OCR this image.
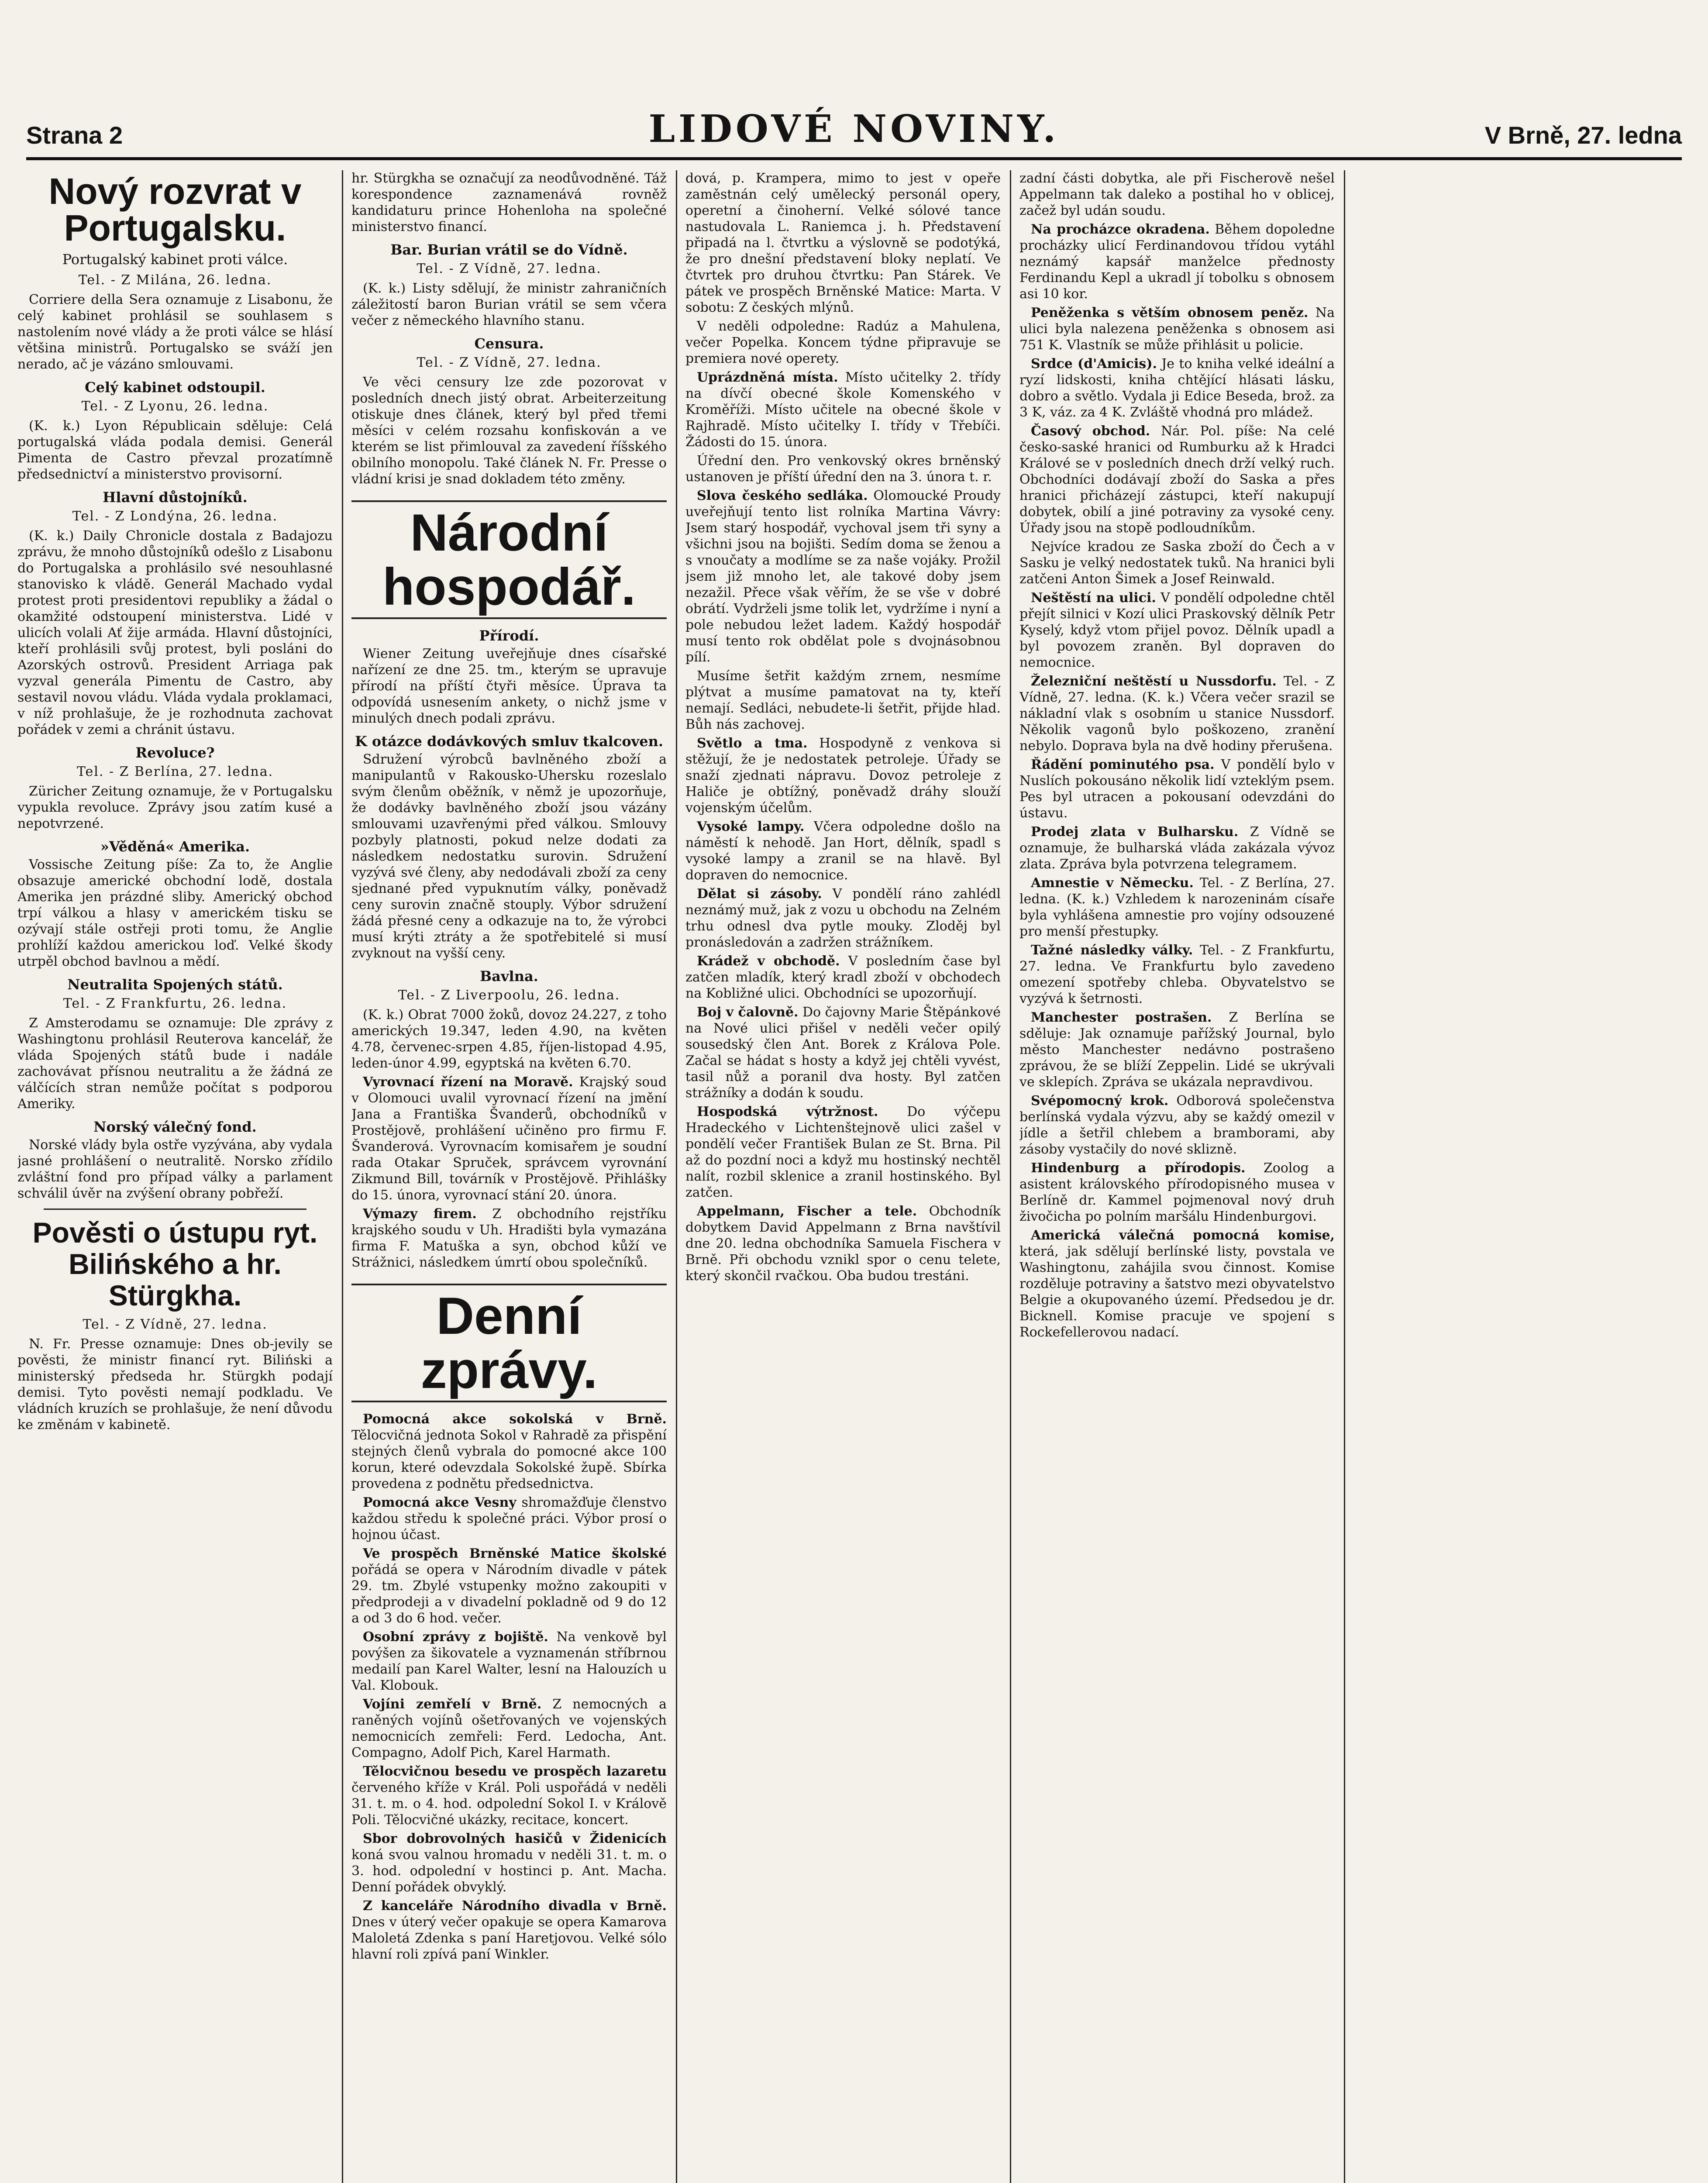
Strana 2	LIDOVÉ NOVINY.	V Brně, 27. ledna
Nový rozvrat v Portugalsku.
Portugalský kabinet proti válce.
Tel. - Z Milána, 26. ledna.

Corriere della Sera oznamuje z Lisabonu, že celý kabinet prohlásil se souhlasem s nastolením nové vlády a že proti válce se hlásí většina ministrů. Portugalsko se sváží jen nerado, ač je vázáno smlouvami.

Celý kabinet odstoupil.
Tel. - Z Lyonu, 26. ledna.

(K. k.) Lyon Républicain sděluje: Celá portugalská vláda podala demisi. Generál Pimenta de Castro převzal prozatímně předsednictví a ministerstvo provisorní.

Hlavní důstojníků.
Tel. - Z Londýna, 26. ledna.

(K. k.) Daily Chronicle dostala z Badajozu zprávu, že mnoho důstojníků odešlo z Lisabonu do Portugalska a prohlásilo své nesouhlasné stanovisko k vládě. Generál Machado vydal protest proti presidentovi republiky a žádal o okamžité odstoupení ministerstva. Lidé v ulicích volali Ať žije armáda. Hlavní důstojníci, kteří prohlásili svůj protest, byli posláni do Azorských ostrovů. President Arriaga pak vyzval generála Pimentu de Castro, aby sestavil novou vládu. Vláda vydala proklamaci, v níž prohlašuje, že je rozhodnuta zachovat pořádek v zemi a chránit ústavu.

Revoluce?
Tel. - Z Berlína, 27. ledna.

Züricher Zeitung oznamuje, že v Portugalsku vypukla revoluce. Zprávy jsou zatím kusé a nepotvrzené.

»Věděná« Amerika.

Vossische Zeitung píše: Za to, že Anglie obsazuje americké obchodní lodě, dostala Amerika jen prázdné sliby. Americký obchod trpí válkou a hlasy v americkém tisku se ozývají stále ostřeji proti tomu, že Anglie prohlíží každou americkou loď. Velké škody utrpěl obchod bavlnou a mědí.

Neutralita Spojených států.
Tel. - Z Frankfurtu, 26. ledna.

Z Amsterodamu se oznamuje: Dle zprávy z Washingtonu prohlásil Reuterova kancelář, že vláda Spojených států bude i nadále zachovávat přísnou neutralitu a že žádná ze válčících stran nemůže počítat s podporou Ameriky.

Norský válečný fond.

Norské vlády byla ostře vyzývána, aby vydala jasné prohlášení o neutralitě. Norsko zřídilo zvláštní fond pro případ války a parlament schválil úvěr na zvýšení obrany pobřeží.

Pověsti o ústupu ryt. Bilińského a hr. Stürgkha.
Tel. - Z Vídně, 27. ledna.

N. Fr. Presse oznamuje: Dnes ob-jevily se pověsti, že ministr financí ryt. Biliński a ministerský předseda hr. Stürgkh podají demisi. Tyto pověsti nemají podkladu. Ve vládních kruzích se prohlašuje, že není důvodu ke změnám v kabinetě.

hr. Stürgkha se označují za neodůvodněné. Táž korespondence zaznamenává rovněž kandidaturu prince Hohenloha na společné ministerstvo financí.

Bar. Burian vrátil se do Vídně.
Tel. - Z Vídně, 27. ledna.

(K. k.) Listy sdělují, že ministr zahraničních záležitostí baron Burian vrátil se sem včera večer z německého hlavního stanu.

Censura.
Tel. - Z Vídně, 27. ledna.

Ve věci censury lze zde pozorovat v posledních dnech jistý obrat. Arbeiterzeitung otiskuje dnes článek, který byl před třemi měsíci v celém rozsahu konfiskován a ve kterém se list přimlouval za zavedení říšského obilního monopolu. Také článek N. Fr. Presse o vládní krisi je snad dokladem této změny.

Národní hospodář.
Přírodí.

Wiener Zeitung uveřejňuje dnes císařské nařízení ze dne 25. tm., kterým se upravuje přírodí na příští čtyři měsíce. Úprava ta odpovídá usnesením ankety, o nichž jsme v minulých dnech podali zprávu.

K otázce dodávkových smluv tkalcoven.

Sdružení výrobců bavlněného zboží a manipulantů v Rakousko-Uhersku rozeslalo svým členům oběžník, v němž je upozorňuje, že dodávky bavlněného zboží jsou vázány smlouvami uzavřenými před válkou. Smlouvy pozbyly platnosti, pokud nelze dodati za následkem nedostatku surovin. Sdružení vyzývá své členy, aby nedodávali zboží za ceny sjednané před vypuknutím války, poněvadž ceny surovin značně stouply. Výbor sdružení žádá přesné ceny a odkazuje na to, že výrobci musí krýti ztráty a že spotřebitelé si musí zvyknout na vyšší ceny.

Bavlna.
Tel. - Z Liverpoolu, 26. ledna.

(K. k.) Obrat 7000 žoků, dovoz 24.227, z toho amerických 19.347, leden 4.90, na květen 4.78, červenec-srpen 4.85, říjen-listopad 4.95, leden-únor 4.99, egyptská na květen 6.70.

Vyrovnací řízení na Moravě. Krajský soud v Olomouci uvalil vyrovnací řízení na jmění Jana a Františka Švanderů, obchodníků v Prostějově, prohlášení učiněno pro firmu F. Švanderová. Vyrovnacím komisařem je soudní rada Otakar Spruček, správcem vyrovnání Zikmund Bill, továrník v Prostějově. Přihlášky do 15. února, vyrovnací stání 20. února.

Výmazy firem. Z obchodního rejstříku krajského soudu v Uh. Hradišti byla vymazána firma F. Matuška a syn, obchod kůží ve Strážnici, následkem úmrtí obou společníků.

Denní zprávy.

Pomocná akce sokolská v Brně. Tělocvičná jednota Sokol v Rahradě za přispění stejných členů vybrala do pomocné akce 100 korun, které odevzdala Sokolské župě. Sbírka provedena z podnětu předsednictva.

Pomocná akce Vesny shromažďuje členstvo každou středu k společné práci. Výbor prosí o hojnou účast.

Ve prospěch Brněnské Matice školské pořádá se opera v Národním divadle v pátek 29. tm. Zbylé vstupenky možno zakoupiti v předprodeji a v divadelní pokladně od 9 do 12 a od 3 do 6 hod. večer.

Osobní zprávy z bojiště. Na venkově byl povýšen za šikovatele a vyznamenán stříbrnou medailí pan Karel Walter, lesní na Halouzích u Val. Klobouk.

Vojíni zemřelí v Brně. Z nemocných a raněných vojínů ošetřovaných ve vojenských nemocnicích zemřeli: Ferd. Ledocha, Ant. Compagno, Adolf Pich, Karel Harmath.

Tělocvičnou besedu ve prospěch lazaretu červeného kříže v Král. Poli uspořádá v neděli 31. t. m. o 4. hod. odpolední Sokol I. v Králově Poli. Tělocvičné ukázky, recitace, koncert.

Sbor dobrovolných hasičů v Židenicích koná svou valnou hromadu v neděli 31. t. m. o 3. hod. odpolední v hostinci p. Ant. Macha. Denní pořádek obvyklý.

Z kanceláře Národního divadla v Brně. Dnes v úterý večer opakuje se opera Kamarova Maloletá Zdenka s paní Haretjovou. Velké sólo hlavní roli zpívá paní Winkler.

dová, p. Krampera, mimo to jest v opeře zaměstnán celý umělecký personál opery, operetní a činoherní. Velké sólové tance nastudovala L. Raniemca j. h. Představení připadá na l. čtvrtku a výslovně se podotýká, že pro dnešní představení bloky neplatí. Ve čtvrtek pro druhou čtvrtku: Pan Stárek. Ve pátek ve prospěch Brněnské Matice: Marta. V sobotu: Z českých mlýnů.

V neděli odpoledne: Radúz a Mahulena, večer Popelka. Koncem týdne připravuje se premiera nové operety.

Uprázdněná místa. Místo učitelky 2. třídy na dívčí obecné škole Komenského v Kroměříži. Místo učitele na obecné škole v Rajhradě. Místo učitelky I. třídy v Třebíči. Žádosti do 15. února.

Úřední den. Pro venkovský okres brněnský ustanoven je příští úřední den na 3. února t. r.

Slova českého sedláka. Olomoucké Proudy uveřejňují tento list rolníka Martina Vávry: Jsem starý hospodář, vychoval jsem tři syny a všichni jsou na bojišti. Sedím doma se ženou a s vnoučaty a modlíme se za naše vojáky. Prožil jsem již mnoho let, ale takové doby jsem nezažil. Přece však věřím, že se vše v dobré obrátí. Vydrželi jsme tolik let, vydržíme i nyní a pole nebudou ležet ladem. Každý hospodář musí tento rok obdělat pole s dvojnásobnou pílí.

Musíme šetřit každým zrnem, nesmíme plýtvat a musíme pamatovat na ty, kteří nemají. Sedláci, nebudete-li šetřit, přijde hlad. Bůh nás zachovej.

Světlo a tma. Hospodyně z venkova si stěžují, že je nedostatek petroleje. Úřady se snaží zjednati nápravu. Dovoz petroleje z Haliče je obtížný, poněvadž dráhy slouží vojenským účelům.

Vysoké lampy. Včera odpoledne došlo na náměstí k nehodě. Jan Hort, dělník, spadl s vysoké lampy a zranil se na hlavě. Byl dopraven do nemocnice.

Dělat si zásoby. V pondělí ráno zahlédl neznámý muž, jak z vozu u obchodu na Zelném trhu odnesl dva pytle mouky. Zloděj byl pronásledován a zadržen strážníkem.

Krádež v obchodě. V posledním čase byl zatčen mladík, který kradl zboží v obchodech na Kobližné ulici. Obchodníci se upozorňují.

Boj v čalovně. Do čajovny Marie Štěpánkové na Nové ulici přišel v neděli večer opilý sousedský člen Ant. Borek z Králova Pole. Začal se hádat s hosty a když jej chtěli vyvést, tasil nůž a poranil dva hosty. Byl zatčen strážníky a dodán k soudu.

Hospodská výtržnost. Do výčepu Hradeckého v Lichtenštejnově ulici zašel v pondělí večer František Bulan ze St. Brna. Pil až do pozdní noci a když mu hostinský nechtěl nalít, rozbil sklenice a zranil hostinského. Byl zatčen.

Appelmann, Fischer a tele. Obchodník dobytkem David Appelmann z Brna navštívil dne 20. ledna obchodníka Samuela Fischera v Brně. Při obchodu vznikl spor o cenu telete, který skončil rvačkou. Oba budou trestáni.

zadní části dobytka, ale při Fischerově nešel Appelmann tak daleko a postihal ho v oblicej, začež byl udán soudu.

Na procházce okradena. Během dopoledne procházky ulicí Ferdinandovou třídou vytáhl neznámý kapsář manželce přednosty Ferdinandu Kepl a ukradl jí tobolku s obnosem asi 10 kor.

Peněženka s větším obnosem peněz. Na ulici byla nalezena peněženka s obnosem asi 751 K. Vlastník se může přihlásit u policie.

Srdce (d'Amicis). Je to kniha velké ideální a ryzí lidskosti, kniha chtějící hlásati lásku, dobro a světlo. Vydala ji Edice Beseda, brož. za 3 K, váz. za 4 K. Zvláště vhodná pro mládež.

Časový obchod. Nár. Pol. píše: Na celé česko-saské hranici od Rumburku až k Hradci Králové se v posledních dnech drží velký ruch. Obchodníci dodávají zboží do Saska a přes hranici přicházejí zástupci, kteří nakupují dobytek, obilí a jiné potraviny za vysoké ceny. Úřady jsou na stopě podloudníkům.

Nejvíce kradou ze Saska zboží do Čech a v Sasku je velký nedostatek tuků. Na hranici byli zatčeni Anton Šimek a Josef Reinwald.

Neštěstí na ulici. V pondělí odpoledne chtěl přejít silnici v Kozí ulici Praskovský dělník Petr Kyselý, když vtom přijel povoz. Dělník upadl a byl povozem zraněn. Byl dopraven do nemocnice.

Železniční neštěstí u Nussdorfu. Tel. - Z Vídně, 27. ledna. (K. k.) Včera večer srazil se nákladní vlak s osobním u stanice Nussdorf. Několik vagonů bylo poškozeno, zranění nebylo. Doprava byla na dvě hodiny přerušena.

Řádění pominutého psa. V pondělí bylo v Nuslích pokousáno několik lidí vzteklým psem. Pes byl utracen a pokousaní odevzdáni do ústavu.

Prodej zlata v Bulharsku. Z Vídně se oznamuje, že bulharská vláda zakázala vývoz zlata. Zpráva byla potvrzena telegramem.

Amnestie v Německu. Tel. - Z Berlína, 27. ledna. (K. k.) Vzhledem k narozeninám císaře byla vyhlášena amnestie pro vojíny odsouzené pro menší přestupky.

Tažné následky války. Tel. - Z Frankfurtu, 27. ledna. Ve Frankfurtu bylo zavedeno omezení spotřeby chleba. Obyvatelstvo se vyzývá k šetrnosti.

Manchester postrašen. Z Berlína se sděluje: Jak oznamuje pařížský Journal, bylo město Manchester nedávno postrašeno zprávou, že se blíží Zeppelin. Lidé se ukrývali ve sklepích. Zpráva se ukázala nepravdivou.

Svépomocný krok. Odborová společenstva berlínská vydala výzvu, aby se každý omezil v jídle a šetřil chlebem a bramborami, aby zásoby vystačily do nové sklizně.

Hindenburg a přírodopis. Zoolog a asistent královského přírodopisného musea v Berlíně dr. Kammel pojmenoval nový druh živočicha po polním maršálu Hindenburgovi.

Americká válečná pomocná komise, která, jak sdělují berlínské listy, povstala ve Washingtonu, zahájila svou činnost. Komise rozděluje potraviny a šatstvo mezi obyvatelstvo Belgie a okupovaného území. Předsedou je dr. Bicknell. Komise pracuje ve spojení s Rockefellerovou nadací.
